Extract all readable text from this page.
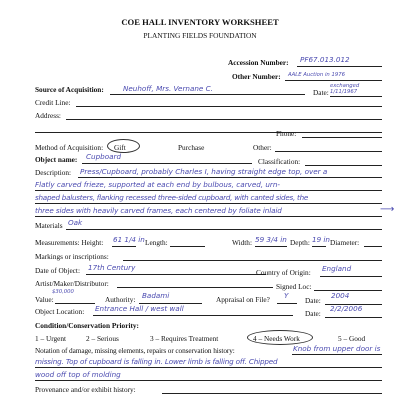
COE HALL INVENTORY WORKSHEET
PLANTING FIELDS FOUNDATION
Accession Number: PF67.013.012
Other Number: AALE Auction in 1976
Source of Acquisition:	Neuhoff, Mrs. Vernane C.	Date:
exchanged 1/11/1967
Credit Line:
Address:
Phone:
Method of Acquisition: Gift	Purchase	Other:
Object name: Cupboard
Classification:
Description: Press/Cupboard, probably Charles I, having straight edge top, over a
Flatly carved frieze, supported at each end by bulbous, carved, urn-
shaped balusters, flanking recessed three-sided cupboard, with canted sides, the
three sides with heavily carved frames, each centered by foliate inlaid	⟶
Materials Oak
Measurements: Height: 61 1/4 in Length:	Width: 59 3/4 in Depth: 19 in Diameter:
Markings or inscriptions:
Date of Object: 17th Century
Country of Origin: England
Artist/Maker/Distributor:	Signed Loc:
Value:
$30,000
Authority: Badami	Appraisal on File? Y
Date:
2004
Object Location: Entrance Hall / west wall
Date:
2/2/2006
Condition/Conservation Priority:
1 – Urgent	2 – Serious	3 – Requires Treatment	4 – Needs Work	5 – Good
Notation of damage, missing elements, repairs or conservation history:	Knob from upper door is
missing. Top of cupboard is falling in. Lower limb is falling off. Chipped
wood off top of molding
Provenance and/or exhibit history:
